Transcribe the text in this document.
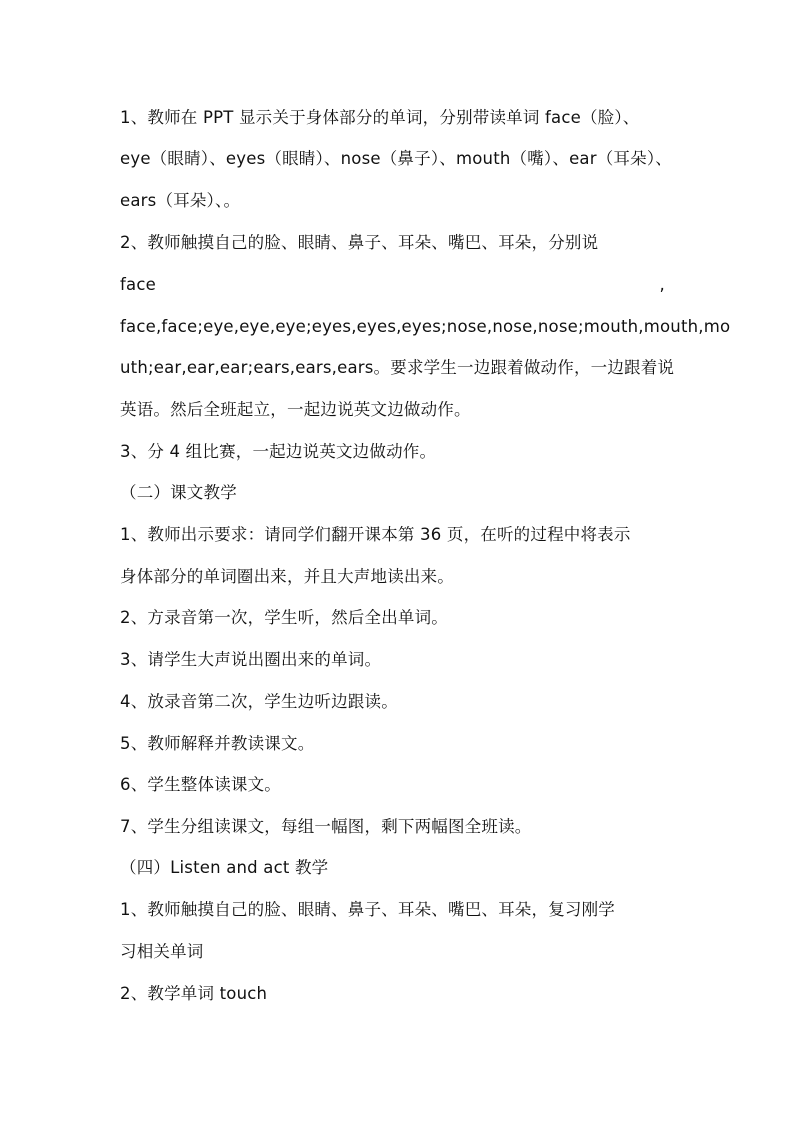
1、教师在 PPT 显示关于身体部分的单词，分别带读单词 face（脸）、
eye（眼睛）、eyes（眼睛）、nose（鼻子）、mouth（嘴）、ear（耳朵）、
ears（耳朵）、。
2、教师触摸自己的脸、眼睛、鼻子、耳朵、嘴巴、耳朵，分别说
face	,
face,face;eye,eye,eye;eyes,eyes,eyes;nose,nose,nose;mouth,mouth,mo
uth;ear,ear,ear;ears,ears,ears。要求学生一边跟着做动作，一边跟着说
英语。然后全班起立，一起边说英文边做动作。
3、分 4 组比赛，一起边说英文边做动作。
（二）课文教学
1、教师出示要求：请同学们翻开课本第 36 页，在听的过程中将表示
身体部分的单词圈出来，并且大声地读出来。
2、方录音第一次，学生听，然后全出单词。
3、请学生大声说出圈出来的单词。
4、放录音第二次，学生边听边跟读。
5、教师解释并教读课文。
6、学生整体读课文。
7、学生分组读课文，每组一幅图，剩下两幅图全班读。
（四）Listen and act 教学
1、教师触摸自己的脸、眼睛、鼻子、耳朵、嘴巴、耳朵，复习刚学
习相关单词
2、教学单词 touch
